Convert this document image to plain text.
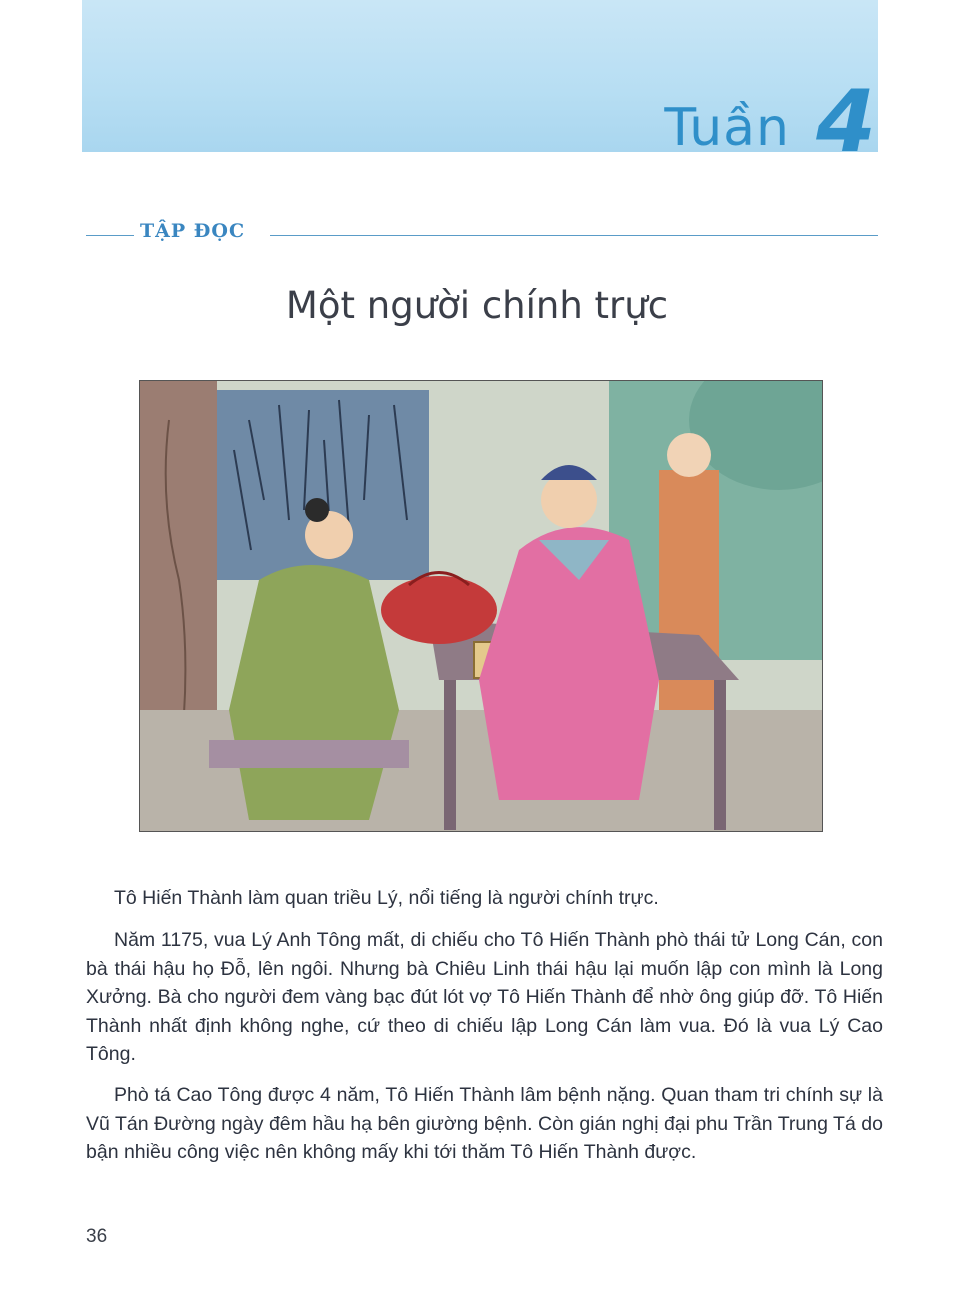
Tuần 4
TẬP ĐỌC
Một người chính trực

Tô Hiến Thành làm quan triều Lý, nổi tiếng là người chính trực.

Năm 1175, vua Lý Anh Tông mất, di chiếu cho Tô Hiến Thành phò thái tử Long Cán, con bà thái hậu họ Đỗ, lên ngôi. Nhưng bà Chiêu Linh thái hậu lại muốn lập con mình là Long Xưởng. Bà cho người đem vàng bạc đút lót vợ Tô Hiến Thành để nhờ ông giúp đỡ. Tô Hiến Thành nhất định không nghe, cứ theo di chiếu lập Long Cán làm vua. Đó là vua Lý Cao Tông.

Phò tá Cao Tông được 4 năm, Tô Hiến Thành lâm bệnh nặng. Quan tham tri chính sự là Vũ Tán Đường ngày đêm hầu hạ bên giường bệnh. Còn gián nghị đại phu Trần Trung Tá do bận nhiều công việc nên không mấy khi tới thăm Tô Hiến Thành được.

36
